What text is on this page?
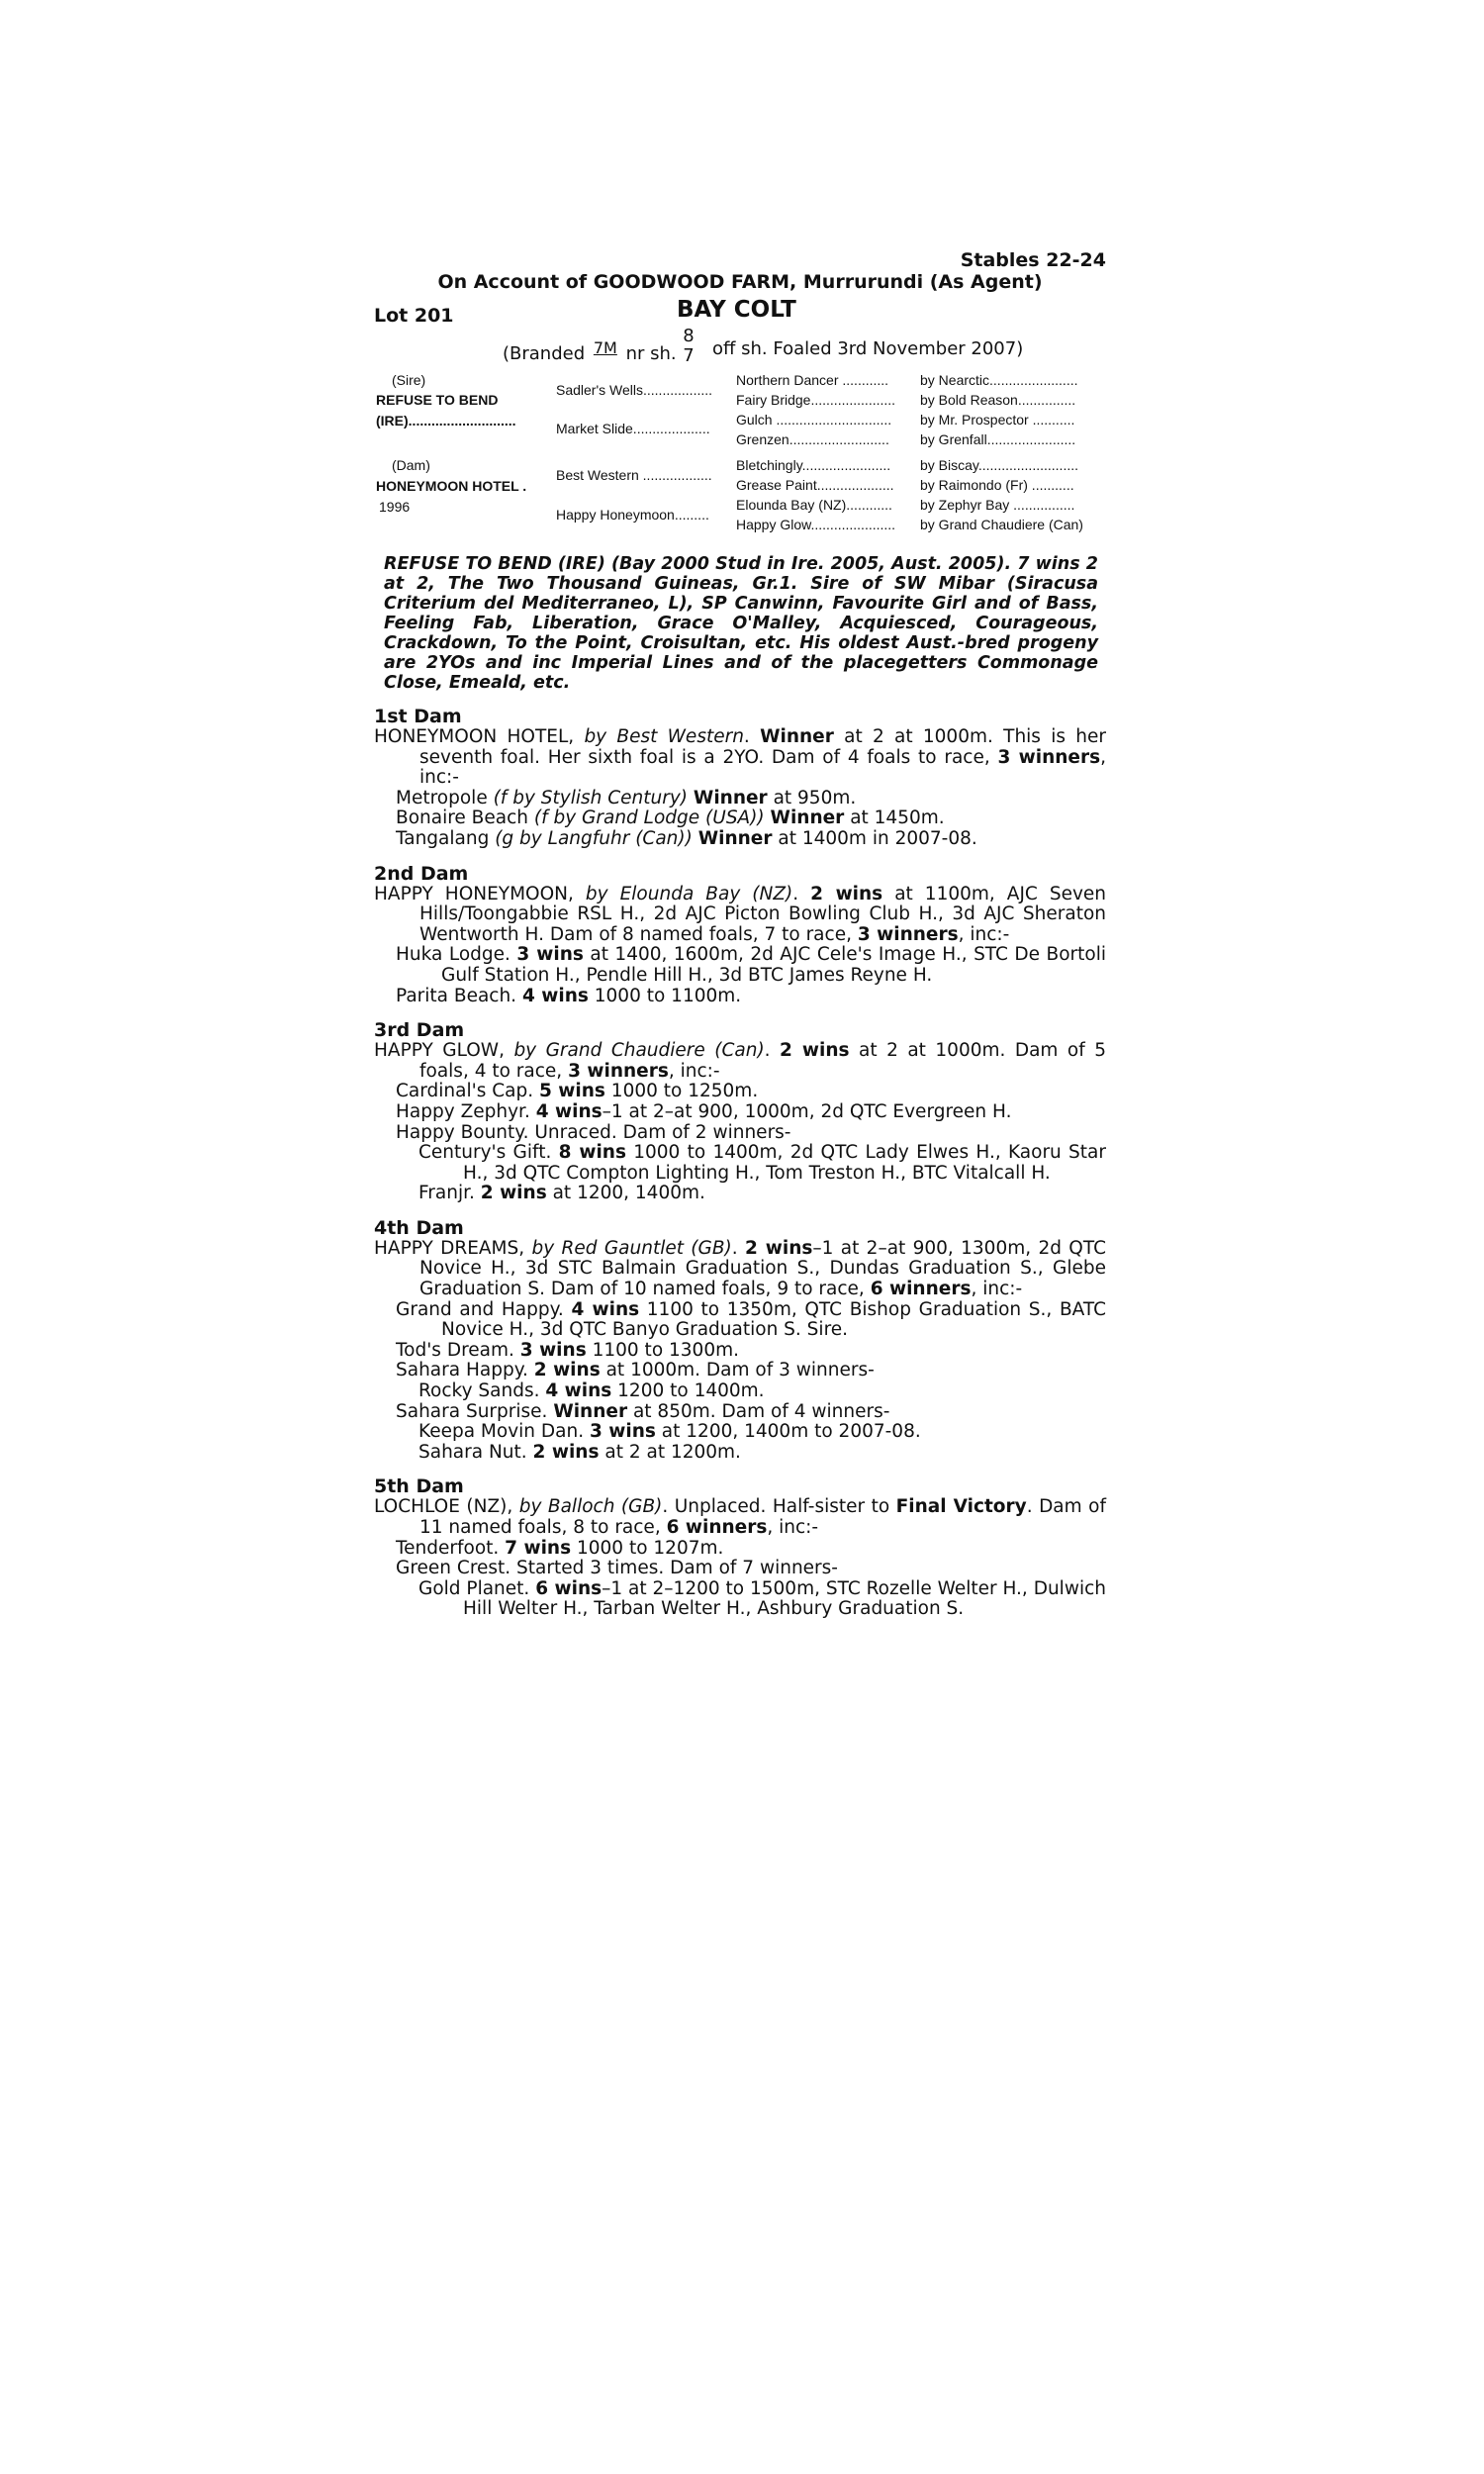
Stables 22-24
On Account of GOODWOOD FARM, Murrurundi (As Agent)
Lot 201	BAY COLT
(Branded 7M nr sh.
8
7 off sh. Foaled 3rd November 2007)
(Sire)
REFUSE TO BEND
(IRE)............................
(Dam)
HONEYMOON HOTEL .
1996
Sadler's Wells..................
Market Slide....................
Best Western ..................
Happy Honeymoon.........
Northern Dancer ............
Fairy Bridge......................
Gulch ..............................
Grenzen..........................
Bletchingly.......................
Grease Paint....................
Elounda Bay (NZ)............
Happy Glow......................
by Nearctic.......................
by Bold Reason...............
by Mr. Prospector ...........
by Grenfall.......................
by Biscay..........................
by Raimondo (Fr) ...........
by Zephyr Bay ................
by Grand Chaudiere (Can)
REFUSE TO BEND (IRE) (Bay 2000 Stud in Ire. 2005, Aust. 2005). 7 wins 2 at 2, The Two Thousand Guineas, Gr.1. Sire of SW Mibar (Siracusa Criterium del Mediterraneo, L), SP Canwinn, Favourite Girl and of Bass, Feeling Fab, Liberation, Grace O'Malley, Acquiesced, Courageous, Crackdown, To the Point, Croisultan, etc. His oldest Aust.-bred progeny are 2YOs and inc Imperial Lines and of the placegetters Commonage Close, Emeald, etc.
1st Dam
HONEYMOON HOTEL, by Best Western. Winner at 2 at 1000m. This is her seventh foal. Her sixth foal is a 2YO. Dam of 4 foals to race, 3 winners, inc:-
Metropole (f by Stylish Century) Winner at 950m.
Bonaire Beach (f by Grand Lodge (USA)) Winner at 1450m.
Tangalang (g by Langfuhr (Can)) Winner at 1400m in 2007-08.
2nd Dam
HAPPY HONEYMOON, by Elounda Bay (NZ). 2 wins at 1100m, AJC Seven Hills/Toongabbie RSL H., 2d AJC Picton Bowling Club H., 3d AJC Sheraton Wentworth H. Dam of 8 named foals, 7 to race, 3 winners, inc:-
Huka Lodge. 3 wins at 1400, 1600m, 2d AJC Cele's Image H., STC De Bortoli Gulf Station H., Pendle Hill H., 3d BTC James Reyne H.
Parita Beach. 4 wins 1000 to 1100m.
3rd Dam
HAPPY GLOW, by Grand Chaudiere (Can). 2 wins at 2 at 1000m. Dam of 5 foals, 4 to race, 3 winners, inc:-
Cardinal's Cap. 5 wins 1000 to 1250m.
Happy Zephyr. 4 wins–1 at 2–at 900, 1000m, 2d QTC Evergreen H.
Happy Bounty. Unraced. Dam of 2 winners-
Century's Gift. 8 wins 1000 to 1400m, 2d QTC Lady Elwes H., Kaoru Star H., 3d QTC Compton Lighting H., Tom Treston H., BTC Vitalcall H.
Franjr. 2 wins at 1200, 1400m.
4th Dam
HAPPY DREAMS, by Red Gauntlet (GB). 2 wins–1 at 2–at 900, 1300m, 2d QTC Novice H., 3d STC Balmain Graduation S., Dundas Graduation S., Glebe Graduation S. Dam of 10 named foals, 9 to race, 6 winners, inc:-
Grand and Happy. 4 wins 1100 to 1350m, QTC Bishop Graduation S., BATC Novice H., 3d QTC Banyo Graduation S. Sire.
Tod's Dream. 3 wins 1100 to 1300m.
Sahara Happy. 2 wins at 1000m. Dam of 3 winners-
Rocky Sands. 4 wins 1200 to 1400m.
Sahara Surprise. Winner at 850m. Dam of 4 winners-
Keepa Movin Dan. 3 wins at 1200, 1400m to 2007-08.
Sahara Nut. 2 wins at 2 at 1200m.
5th Dam
LOCHLOE (NZ), by Balloch (GB). Unplaced. Half-sister to Final Victory. Dam of 11 named foals, 8 to race, 6 winners, inc:-
Tenderfoot. 7 wins 1000 to 1207m.
Green Crest. Started 3 times. Dam of 7 winners-
Gold Planet. 6 wins–1 at 2–1200 to 1500m, STC Rozelle Welter H., Dulwich Hill Welter H., Tarban Welter H., Ashbury Graduation S.
